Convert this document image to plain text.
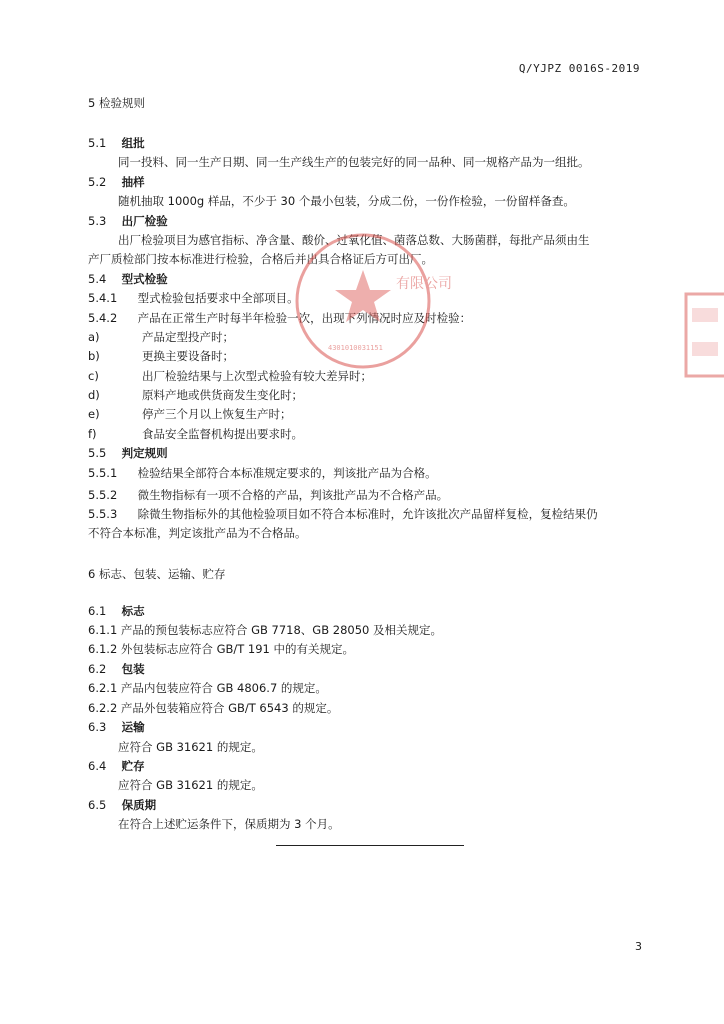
Q/YJPZ 0016S-2019
5 检验规则
5.1 组批
同一投料、同一生产日期、同一生产线生产的包装完好的同一品种、同一规格产品为一组批。
5.2 抽样
随机抽取 1000g 样品，不少于 30 个最小包装，分成二份，一份作检验，一份留样备查。
5.3 出厂检验
出厂检验项目为感官指标、净含量、酸价、过氧化值、菌落总数、大肠菌群，每批产品须由生
产厂质检部门按本标准进行检验，合格后并出具合格证后方可出厂。
5.4 型式检验
5.4.1 型式检验包括要求中全部项目。
5.4.2 产品在正常生产时每半年检验一次，出现下列情况时应及时检验：
a)	产品定型投产时；
b)	更换主要设备时；
c)	出厂检验结果与上次型式检验有较大差异时；
d)	原料产地或供货商发生变化时；
e)	停产三个月以上恢复生产时；
f)	食品安全监督机构提出要求时。
5.5 判定规则
5.5.1 检验结果全部符合本标准规定要求的，判该批产品为合格。
5.5.2 微生物指标有一项不合格的产品，判该批产品为不合格产品。
5.5.3 除微生物指标外的其他检验项目如不符合本标准时，允许该批次产品留样复检，复检结果仍
不符合本标准，判定该批产品为不合格品。
6 标志、包装、运输、贮存
6.1 标志
6.1.1 产品的预包装标志应符合 GB 7718、GB 28050 及相关规定。
6.1.2 外包装标志应符合 GB/T 191 中的有关规定。
6.2 包装
6.2.1 产品内包装应符合 GB 4806.7 的规定。
6.2.2 产品外包装箱应符合 GB/T 6543 的规定。
6.3 运输
应符合 GB 31621 的规定。
6.4 贮存
应符合 GB 31621 的规定。
6.5 保质期
在符合上述贮运条件下，保质期为 3 个月。
3
有限公司
4301010031151
